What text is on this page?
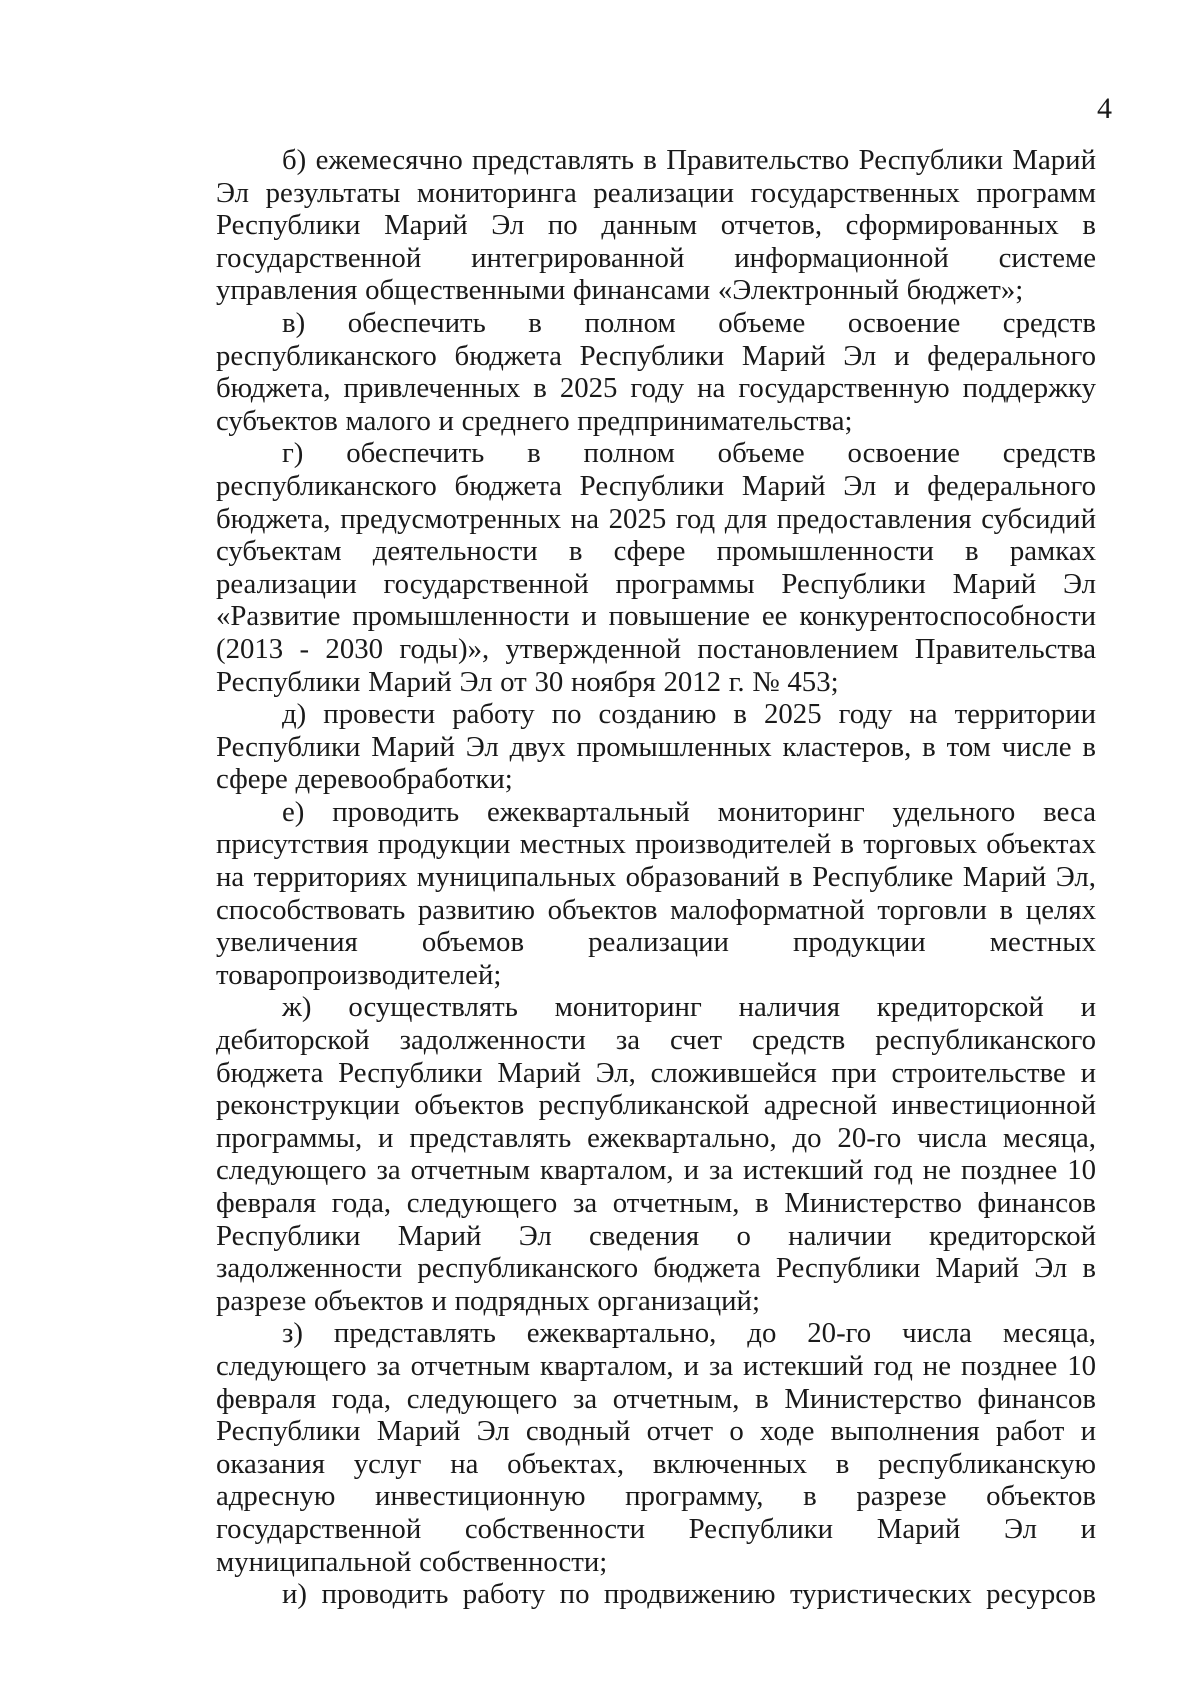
4

б) ежемесячно представлять в Правительство Республики Марий Эл результаты мониторинга реализации государственных программ Республики Марий Эл по данным отчетов, сформированных в государственной интегрированной информационной системе управления общественными финансами «Электронный бюджет»;

в) обеспечить в полном объеме освоение средств республиканского бюджета Республики Марий Эл и федерального бюджета, привлеченных в 2025 году на государственную поддержку субъектов малого и среднего предпринимательства;

г) обеспечить в полном объеме освоение средств республиканского бюджета Республики Марий Эл и федерального бюджета, предусмотренных на 2025 год для предоставления субсидий субъектам деятельности в сфере промышленности в рамках реализации государственной программы Республики Марий Эл «Развитие промышленности и повышение ее конкурентоспособности (2013 - 2030 годы)», утвержденной постановлением Правительства Республики Марий Эл от 30 ноября 2012 г. № 453;

д) провести работу по созданию в 2025 году на территории Республики Марий Эл двух промышленных кластеров, в том числе в сфере деревообработки;

е) проводить ежеквартальный мониторинг удельного веса присутствия продукции местных производителей в торговых объектах на территориях муниципальных образований в Республике Марий Эл, способствовать развитию объектов малоформатной торговли в целях увеличения объемов реализации продукции местных товаропроизводителей;

ж) осуществлять мониторинг наличия кредиторской и дебиторской задолженности за счет средств республиканского бюджета Республики Марий Эл, сложившейся при строительстве и реконструкции объектов республиканской адресной инвестиционной программы, и представлять ежеквартально, до 20-го числа месяца, следующего за отчетным кварталом, и за истекший год не позднее 10 февраля года, следующего за отчетным, в Министерство финансов Республики Марий Эл сведения о наличии кредиторской задолженности республиканского бюджета Республики Марий Эл в разрезе объектов и подрядных организаций;

з) представлять ежеквартально, до 20-го числа месяца, следующего за отчетным кварталом, и за истекший год не позднее 10 февраля года, следующего за отчетным, в Министерство финансов Республики Марий Эл сводный отчет о ходе выполнения работ и оказания услуг на объектах, включенных в республиканскую адресную инвестиционную программу, в разрезе объектов государственной собственности Республики Марий Эл и муниципальной собственности;

и) проводить работу по продвижению туристических ресурсов
